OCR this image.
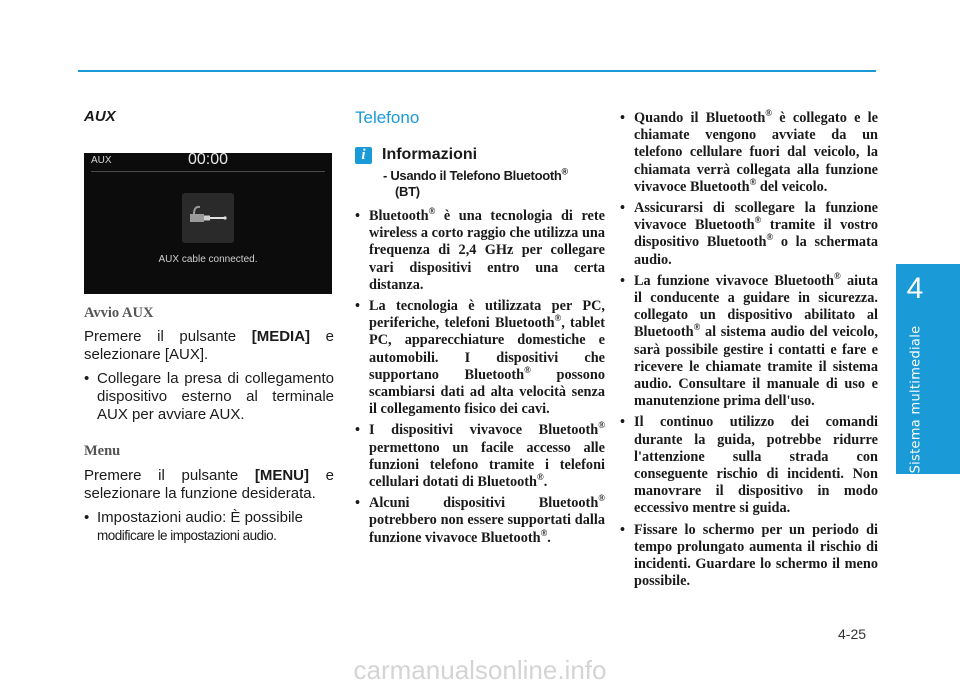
4
Sistema multimediale
AUX
AUX	00:00
AUX cable connected.
Avvio AUX

Premere il pulsante [MEDIA] e selezionare [AUX].

• Collegare la presa di collegamento dispositivo esterno al terminale AUX per avviare AUX.
Menu

Premere il pulsante [MENU] e selezionare la funzione desiderata.

• Impostazioni audio: È possibile
modificare le impostazioni audio.
Telefono
i	Informazioni
- Usando il Telefono Bluetooth®
(BT)
• Bluetooth® è una tecnologia di rete wireless a corto raggio che utilizza una frequenza di 2,4 GHz per collegare vari dispositivi entro una certa distanza.
• La tecnologia è utilizzata per PC, periferiche, telefoni Bluetooth®, tablet PC, apparecchiature domestiche e automobili. I dispositivi che supportano Bluetooth® possono scambiarsi dati ad alta velocità senza il collegamento fisico dei cavi.
• I dispositivi vivavoce Bluetooth® permettono un facile accesso alle funzioni telefono tramite i telefoni cellulari dotati di Bluetooth®.
• Alcuni dispositivi Bluetooth® potrebbero non essere supportati dalla funzione vivavoce Bluetooth®.
• Quando il Bluetooth® è collegato e le chiamate vengono avviate da un telefono cellulare fuori dal veicolo, la chiamata verrà collegata alla funzione vivavoce Bluetooth® del veicolo.
• Assicurarsi di scollegare la funzione vivavoce Bluetooth® tramite il vostro dispositivo Bluetooth® o la schermata audio.
• La funzione vivavoce Bluetooth® aiuta il conducente a guidare in sicurezza. collegato un dispositivo abilitato al Bluetooth® al sistema audio del veicolo, sarà possibile gestire i contatti e fare e ricevere le chiamate tramite il sistema audio. Consultare il manuale di uso e manutenzione prima dell'uso.
• Il continuo utilizzo dei comandi durante la guida, potrebbe ridurre l'attenzione sulla strada con conseguente rischio di incidenti. Non manovrare il dispositivo in modo eccessivo mentre si guida.
• Fissare lo schermo per un periodo di tempo prolungato aumenta il rischio di incidenti. Guardare lo schermo il meno possibile.
4-25
carmanualsonline.info
